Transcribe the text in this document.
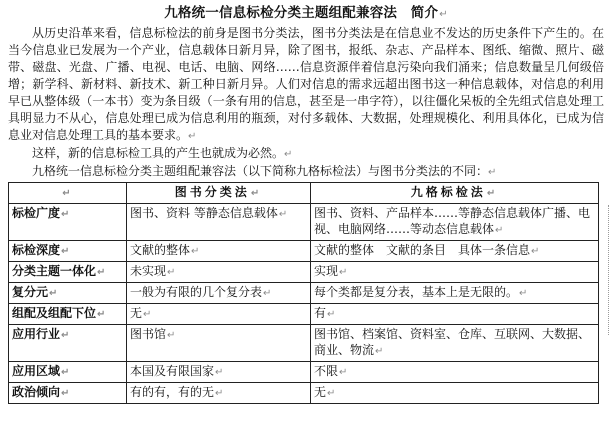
九格统一信息标检分类主题组配兼容法　简介↵

从历史沿革来看，信息标检法的前身是图书分类法，图书分类法是在信息业不发达的历史条件下产生的。在当今信息业已发展为一个产业，信息载体日新月异，除了图书，报纸、杂志、产品样本、图纸、缩微、照片、磁带、磁盘、光盘、广播、电视、电话、电脑、网络……信息资源伴着信息污染向我们涌来；信息数量呈几何级倍增；新学科、新材料、新技术、新工种日新月异。人们对信息的需求远超出图书这一种信息载体，对信息的利用早已从整体级（一本书）变为条目级（一条有用的信息，甚至是一串字符），以往僵化呆板的全先组式信息处理工具明显力不从心，信息处理已成为信息利用的瓶颈，对付多载体、大数据，处理规模化、利用具体化，已成为信息业对信息处理工具的基本要求。↵

这样，新的信息标检工具的产生也就成为必然。↵

九格统一信息标检分类主题组配兼容法（以下简称九格标检法）与图书分类法的不同：↵

↵	图书分类法↵	九格标检法↵
标检广度↵	图书、资料 等静态信息载体↵	图书、资料、产品样本……等静态信息载体广播、电视、电脑网络……等动态信息载体↵
标检深度↵	文献的整体↵	文献的整体　文献的条目　具体一条信息↵
分类主题一体化↵	未实现↵	实现↵
复分元↵	一般为有限的几个复分表↵	每个类都是复分表，基本上是无限的。↵
组配及组配下位↵	无↵	有↵
应用行业↵	图书馆↵	图书馆、档案馆、资料室、仓库、互联网、大数据、商业、物流↵
应用区域↵	本国及有限国家↵	不限↵
政治倾向↵	有的有，有的无↵	无↵
